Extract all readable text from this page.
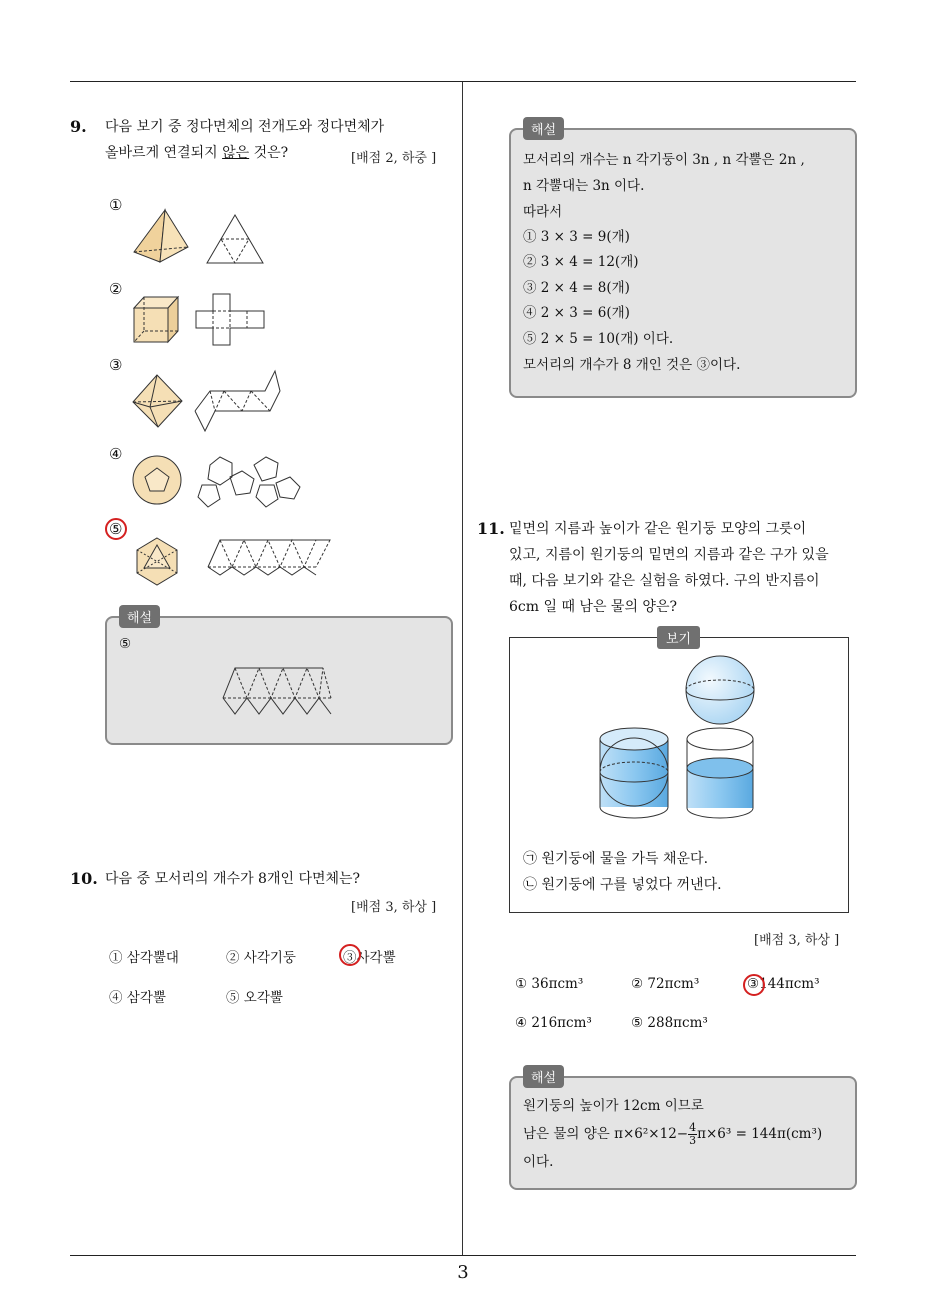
3
9. 다음 보기 중 정다면체의 전개도와 정다면체가
올바르게 연결되지 않은 것은?	[배점 2, 하중 ]
①
②
③
④
⑤
해설
⑤
10. 다음 중 모서리의 개수가 8개인 다면체는?
[배점 3, 하상 ]
① 삼각뿔대	② 사각기둥	③사각뿔
④ 삼각뿔	⑤ 오각뿔
해설
모서리의 개수는 n 각기둥이 3n , n 각뿔은 2n ,
n 각뿔대는 3n 이다.
따라서
① 3 × 3 = 9(개)
② 3 × 4 = 12(개)
③ 2 × 4 = 8(개)
④ 2 × 3 = 6(개)
⑤ 2 × 5 = 10(개) 이다.
모서리의 개수가 8 개인 것은 ③이다.
11. 밑면의 지름과 높이가 같은 원기둥 모양의 그릇이
있고, 지름이 원기둥의 밑면의 지름과 같은 구가 있을
때, 다음 보기와 같은 실험을 하였다. 구의 반지름이
6cm 일 때 남은 물의 양은?
보기
㉠ 원기둥에 물을 가득 채운다.
㉡ 원기둥에 구를 넣었다 꺼낸다.
[배점 3, 하상 ]
① 36πcm³	② 72πcm³	③144πcm³
④ 216πcm³	⑤ 288πcm³
해설
원기둥의 높이가 12cm 이므로
남은 물의 양은 $\pi\times 6^2\times 12- \frac{4}{3} \pi\times 6^3 = 144\pi(cm^3)$
이다.
